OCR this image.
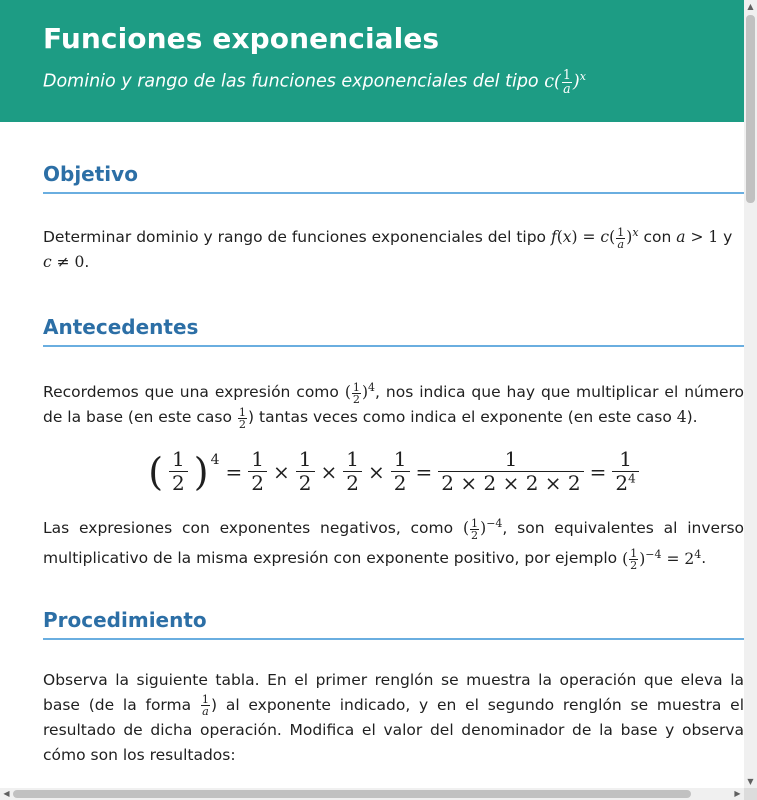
Funciones exponenciales
Dominio y rango de las funciones exponenciales del tipo $c( \frac{1}{a} )^x$
Objetivo

Determinar dominio y rango de funciones exponenciales del tipo $f(x) = c( \frac{1}{a} )^x$ con a > 1 y
c ≠ 0.

Antecedentes

Recordemos que una expresión como ( $\frac{1}{2} )^4$, nos indica que hay que multiplicar el número de la base (en este caso $\frac{1}{2}$ ) tantas veces como indica el exponente (en este caso 4).

( 1
2 )$^4 = \frac{1}{2} \times \frac{1}{2} \times \frac{1}{2} \times \frac{1}{2} = \frac{1}{2 \times 2 \times 2 \times 2} = \frac{1}{2^4}$

Las expresiones con exponentes negativos, como ( $\frac{1}{2} )^{-4}$, son equivalentes al inverso multiplicativo de la misma expresión con exponente positivo, por ejemplo ( $\frac{1}{2} )^{-4} = 2^4$.

Procedimiento

Observa la siguiente tabla. En el primer renglón se muestra la operación que eleva la base (de la forma $\frac{1}{a}$ ) al exponente indicado, y en el segundo renglón se muestra el resultado de dicha operación. Modifica el valor del denominador de la base y observa cómo son los resultados:

▲
▼
◀	▶
